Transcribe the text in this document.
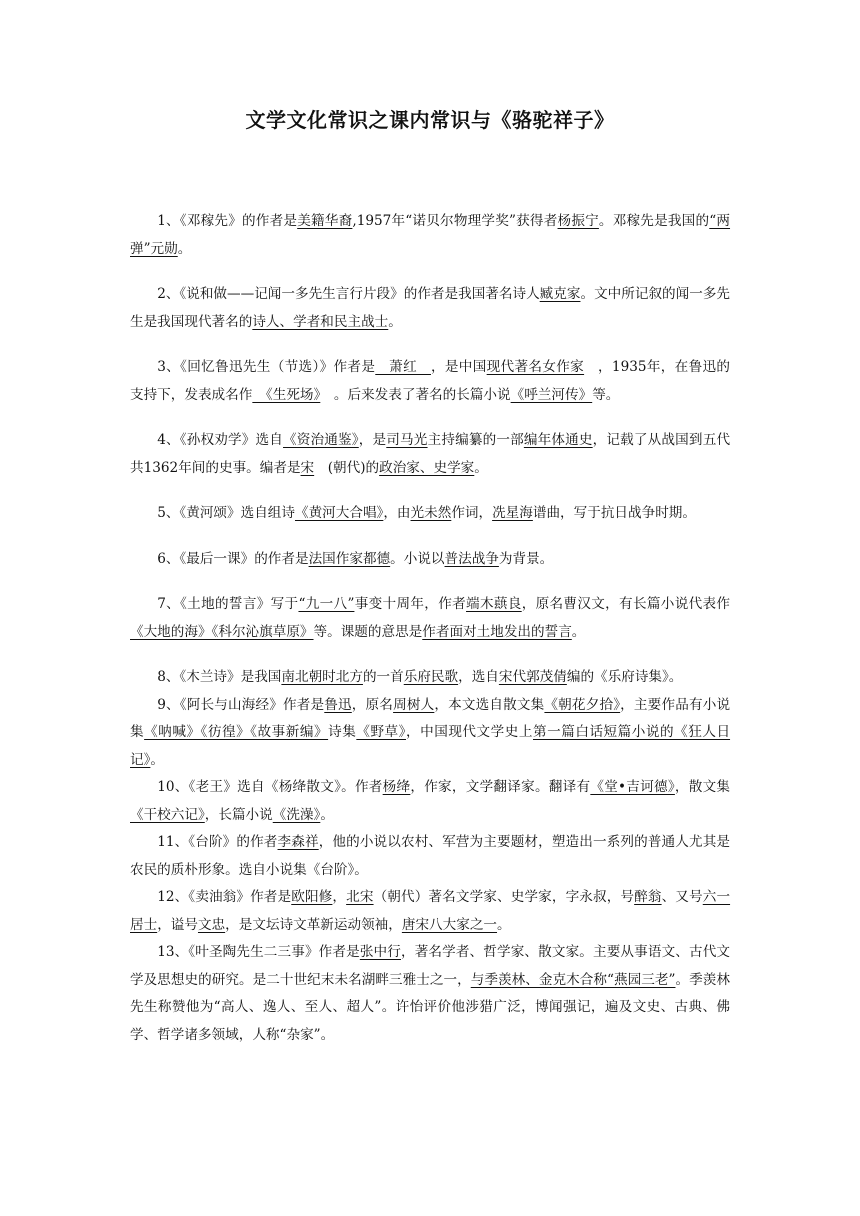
文学文化常识之课内常识与《骆驼祥子》

1、《邓稼先》的作者是美籍华裔,1957年“诺贝尔物理学奖”获得者杨振宁。邓稼先是我国的“两弹”元勋。

2、《说和做——记闻一多先生言行片段》的作者是我国著名诗人臧克家。文中所记叙的闻一多先生是我国现代著名的诗人、学者和民主战士。

3、《回忆鲁迅先生（节选）》作者是　萧红　，是中国现代著名女作家　，1935年，在鲁迅的支持下，发表成名作　《生死场》　。后来发表了著名的长篇小说《呼兰河传》等。

4、《孙权劝学》选自《资治通鉴》，是司马光主持编纂的一部编年体通史，记载了从战国到五代共1362年间的史事。编者是宋　(朝代)的政治家、史学家。

5、《黄河颂》选自组诗《黄河大合唱》，由光未然作词，冼星海谱曲，写于抗日战争时期。

6、《最后一课》的作者是法国作家都德。小说以普法战争为背景。

7、《土地的誓言》写于“九一八”事变十周年，作者端木蕻良，原名曹汉文，有长篇小说代表作《大地的海》《科尔沁旗草原》等。课题的意思是作者面对土地发出的誓言。

8、《木兰诗》是我国南北朝时北方的一首乐府民歌，选自宋代郭茂倩编的《乐府诗集》。

9、《阿长与山海经》作者是鲁迅，原名周树人，本文选自散文集《朝花夕拾》，主要作品有小说集《呐喊》《彷徨》《故事新编》诗集《野草》，中国现代文学史上第一篇白话短篇小说的《狂人日记》。

10、《老王》选自《杨绛散文》。作者杨绛，作家，文学翻译家。翻译有《堂•吉诃德》，散文集《干校六记》，长篇小说《洗澡》。

11、《台阶》的作者李森祥，他的小说以农村、军营为主要题材，塑造出一系列的普通人尤其是农民的质朴形象。选自小说集《台阶》。

12、《卖油翁》作者是欧阳修，北宋（朝代）著名文学家、史学家，字永叔，号醉翁、又号六一居士，谥号文忠，是文坛诗文革新运动领袖，唐宋八大家之一。

13、《叶圣陶先生二三事》作者是张中行，著名学者、哲学家、散文家。主要从事语文、古代文学及思想史的研究。是二十世纪末未名湖畔三雅士之一，与季羡林、金克木合称“燕园三老”。季羡林先生称赞他为“高人、逸人、至人、超人”。许怡评价他涉猎广泛，博闻强记，遍及文史、古典、佛学、哲学诸多领域，人称“杂家”。
